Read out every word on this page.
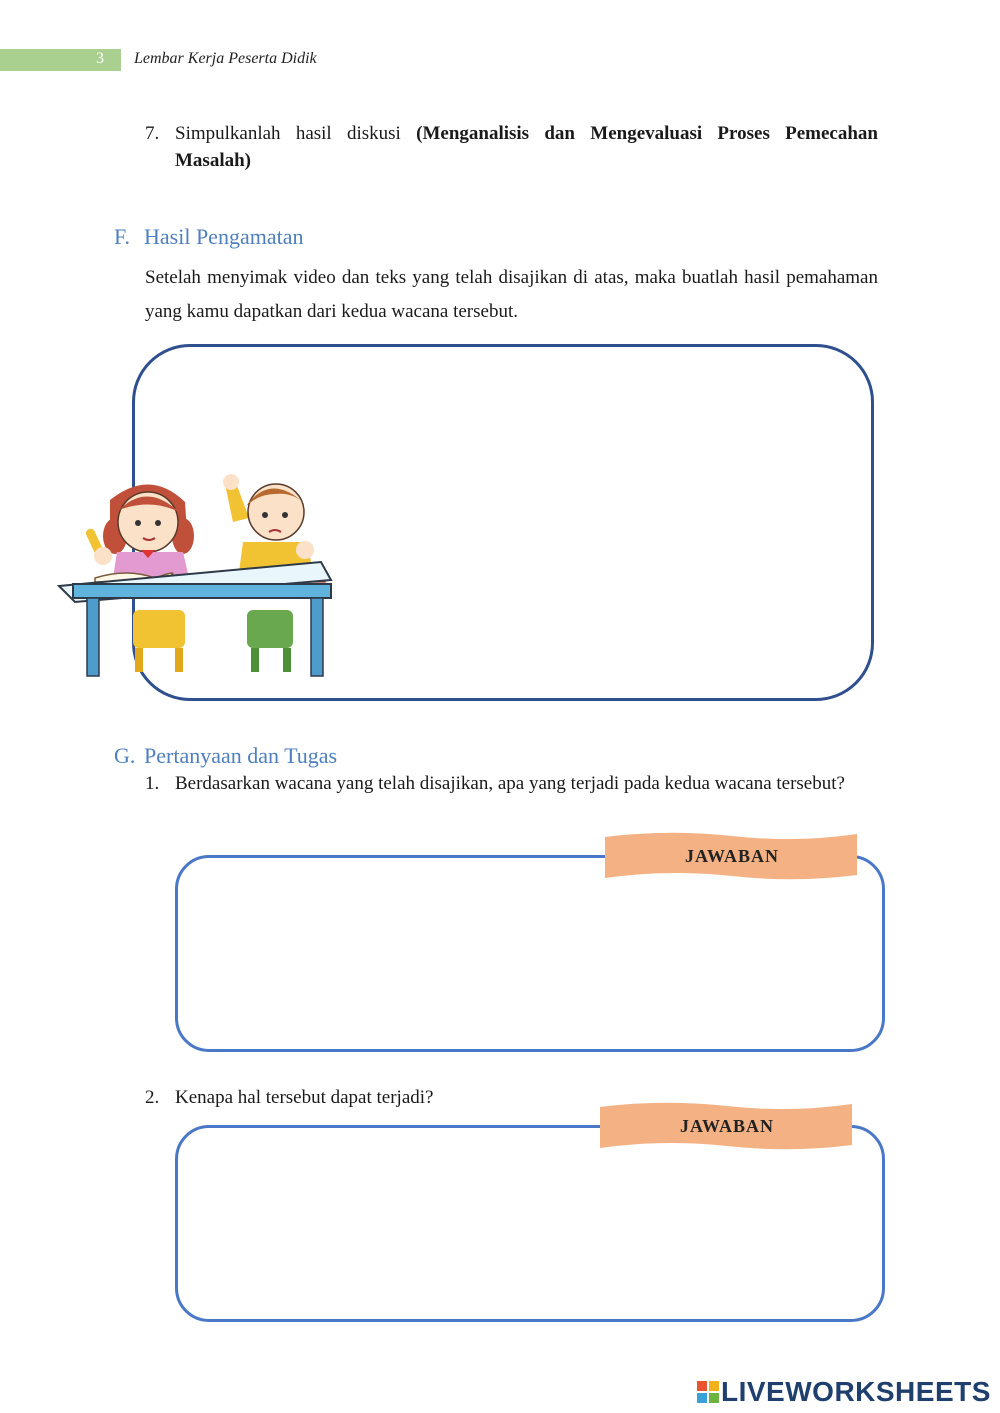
3 Lembar Kerja Peserta Didik
7. Simpulkanlah hasil diskusi (Menganalisis dan Mengevaluasi Proses Pemecahan Masalah)
F. Hasil Pengamatan
Setelah menyimak video dan teks yang telah disajikan di atas, maka buatlah hasil pemahaman yang kamu dapatkan dari kedua wacana tersebut.
G. Pertanyaan dan Tugas
1. Berdasarkan wacana yang telah disajikan, apa yang terjadi pada kedua wacana tersebut?
JAWABAN
2. Kenapa hal tersebut dapat terjadi?
JAWABAN
LIVEWORKSHEETS
